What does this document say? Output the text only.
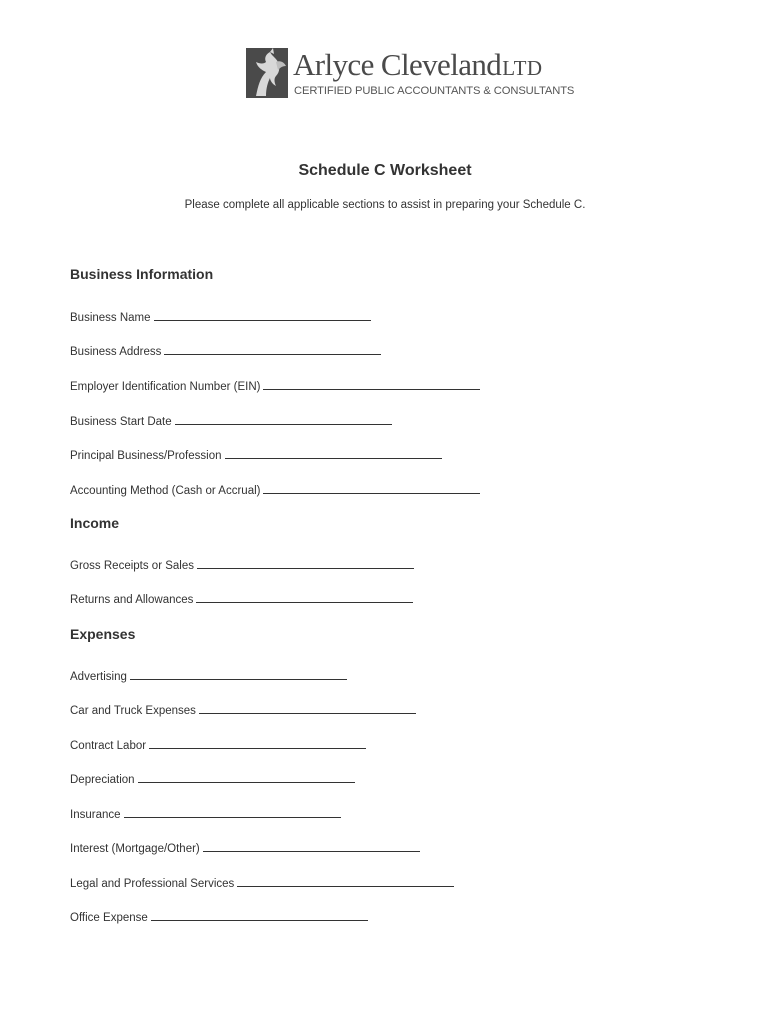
Arlyce ClevelandLTD
CERTIFIED PUBLIC ACCOUNTANTS & CONSULTANTS
Schedule C Worksheet
Please complete all applicable sections to assist in preparing your Schedule C.
Business Information
Business Name
Business Address
Employer Identification Number (EIN)
Business Start Date
Principal Business/Profession
Accounting Method (Cash or Accrual)
Income
Gross Receipts or Sales
Returns and Allowances
Expenses
Advertising
Car and Truck Expenses
Contract Labor
Depreciation
Insurance
Interest (Mortgage/Other)
Legal and Professional Services
Office Expense
